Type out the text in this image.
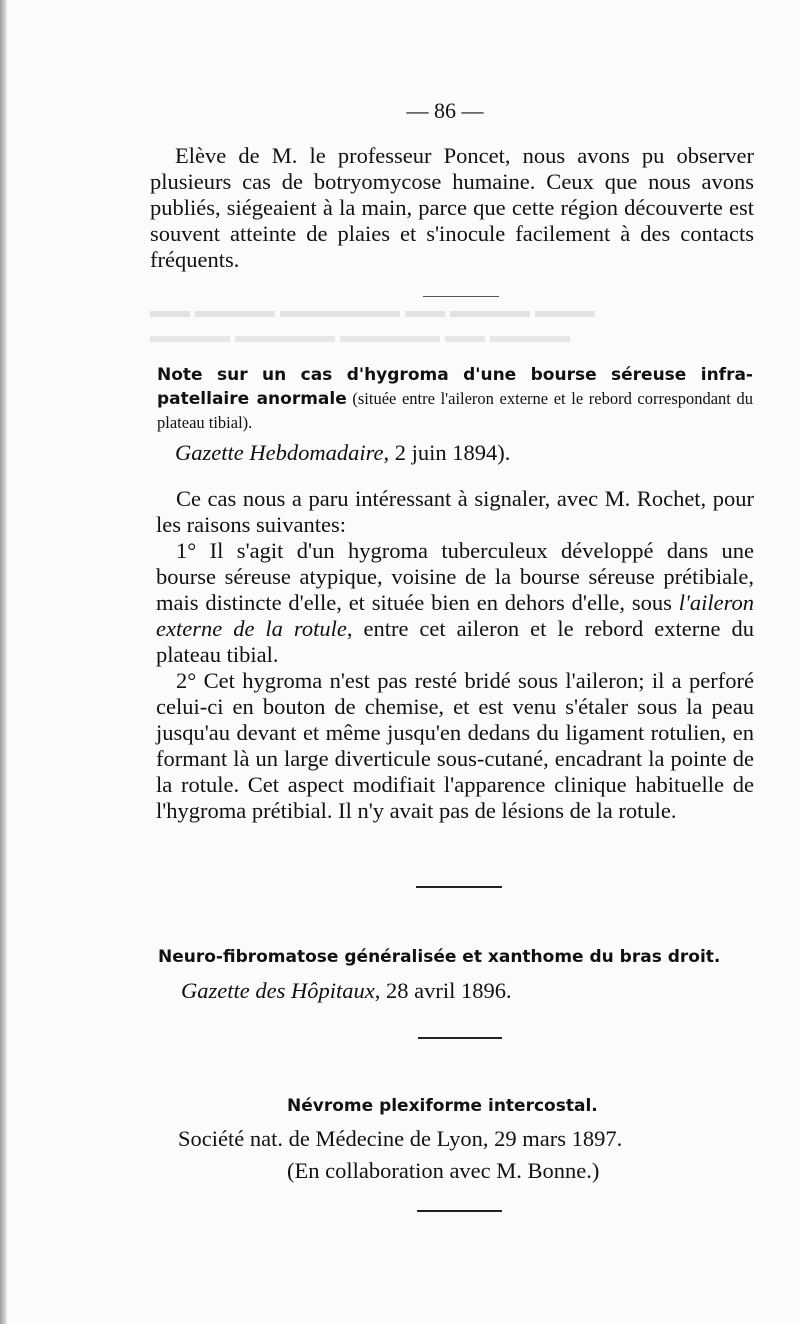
▬▬▬ ▬▬▬▬ ▬▬ ▬▬▬▬▬▬ ▬▬▬▬ ▬▬
▬▬▬▬ ▬▬ ▬▬▬▬▬ ▬▬▬▬▬ ▬▬▬▬
— 86 —
Elève de M. le professeur Poncet, nous avons pu observer plusieurs cas de botryomycose humaine. Ceux que nous avons publiés, siégeaient à la main, parce que cette région découverte est souvent atteinte de plaies et s'inocule facilement à des contacts fréquents.
Note sur un cas d'hygroma d'une bourse séreuse infra-patellaire anormale (située entre l'aileron externe et le rebord correspondant du plateau tibial).
Gazette Hebdomadaire, 2 juin 1894).
Ce cas nous a paru intéressant à signaler, avec M. Rochet, pour les raisons suivantes:
1° Il s'agit d'un hygroma tuberculeux développé dans une bourse séreuse atypique, voisine de la bourse séreuse prétibiale, mais distincte d'elle, et située bien en dehors d'elle, sous l'aileron externe de la rotule, entre cet aileron et le rebord externe du plateau tibial.
2° Cet hygroma n'est pas resté bridé sous l'aileron; il a perforé celui-ci en bouton de chemise, et est venu s'étaler sous la peau jusqu'au devant et même jusqu'en dedans du ligament rotulien, en formant là un large diverticule sous-cutané, encadrant la pointe de la rotule. Cet aspect modifiait l'apparence clinique habituelle de l'hygroma prétibial. Il n'y avait pas de lésions de la rotule.
Neuro-fibromatose généralisée et xanthome du bras droit.
Gazette des Hôpitaux, 28 avril 1896.
Névrome plexiforme intercostal.
Société nat. de Médecine de Lyon, 29 mars 1897.
(En collaboration avec M. Bonne.)
